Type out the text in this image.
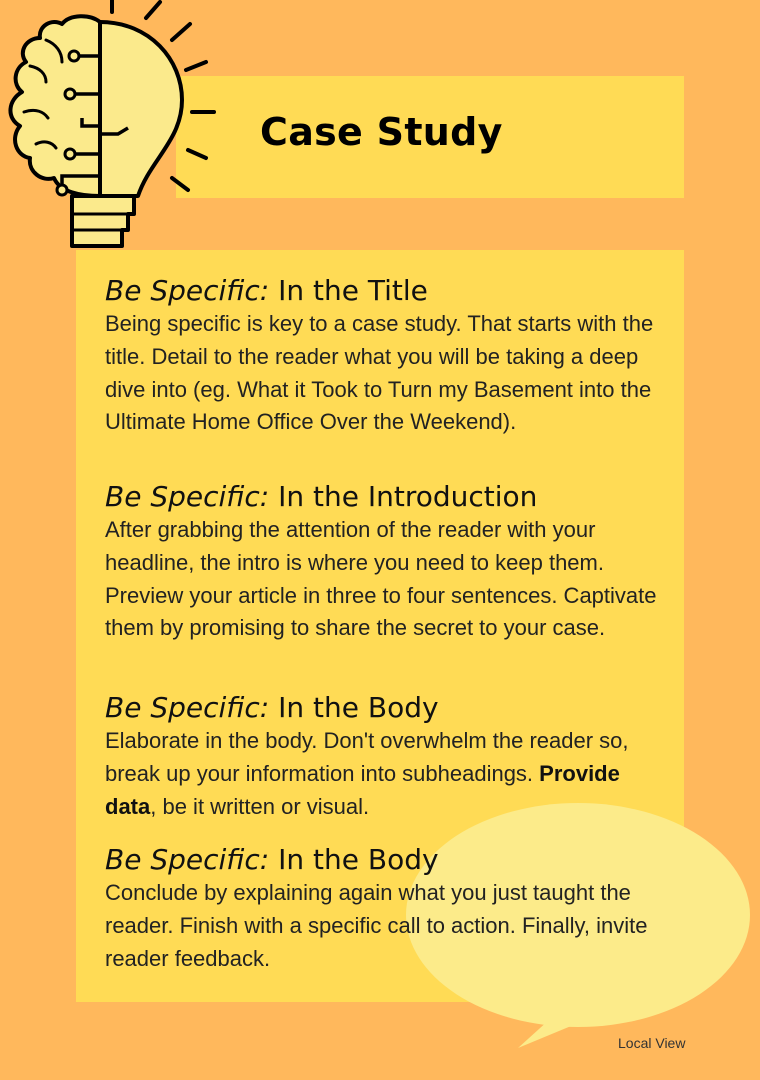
Case Study
Be Specific: In the Title

Being specific is key to a case study. That starts with the title. Detail to the reader what you will be taking a deep dive into (eg. What it Took to Turn my Basement into the Ultimate Home Office Over the Weekend).

Be Specific: In the Introduction

After grabbing the attention of the reader with your headline, the intro is where you need to keep them. Preview your article in three to four sentences. Captivate them by promising to share the secret to your case.

Be Specific: In the Body

Elaborate in the body. Don't overwhelm the reader so, break up your information into subheadings. Provide data, be it written or visual.

Be Specific: In the Body

Conclude by explaining again what you just taught the reader. Finish with a specific call to action. Finally, invite reader feedback.

Local View
